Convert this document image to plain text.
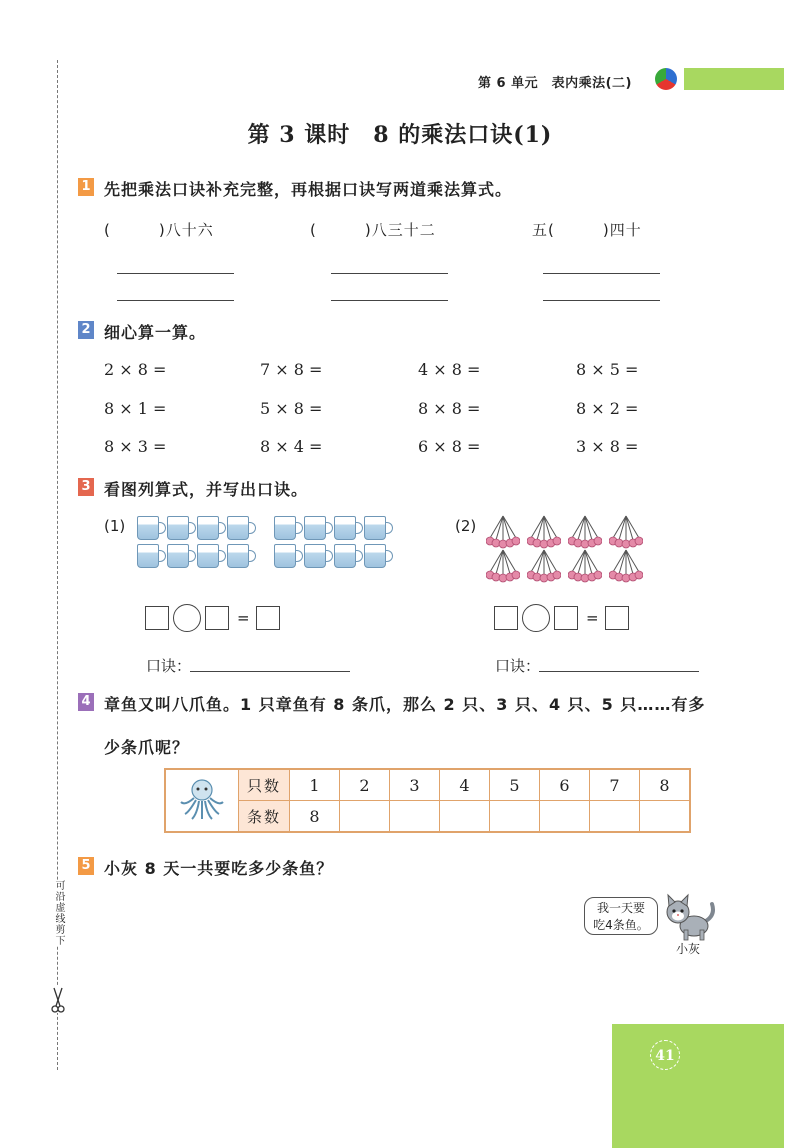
可沿虚线剪下
第 6 单元　表内乘法(二)
第 3 课时　8 的乘法口诀(1)
1 先把乘法口诀补充完整，再根据口诀写两道乘法算式。
(　　　)八十六	(　　　)八三十二	五(　　　)四十
2 细心算一算。
2 × 8 =	7 × 8 =	4 × 8 =	8 × 5 =
8 × 1 =	5 × 8 =	8 × 8 =	8 × 2 =
8 × 3 =	8 × 4 =	6 × 8 =	3 × 8 =
3 看图列算式，并写出口诀。
(1)	(2)
=	=
口诀：	口诀：
4 章鱼又叫八爪鱼。1 只章鱼有 8 条爪，那么 2 只、3 只、4 只、5 只……有多
少条爪呢？
	只数	1	2	3	4	5	6	7	8
	条数	8							
5 小灰 8 天一共要吃多少条鱼？
我一天要
吃4条鱼。
小灰
41
